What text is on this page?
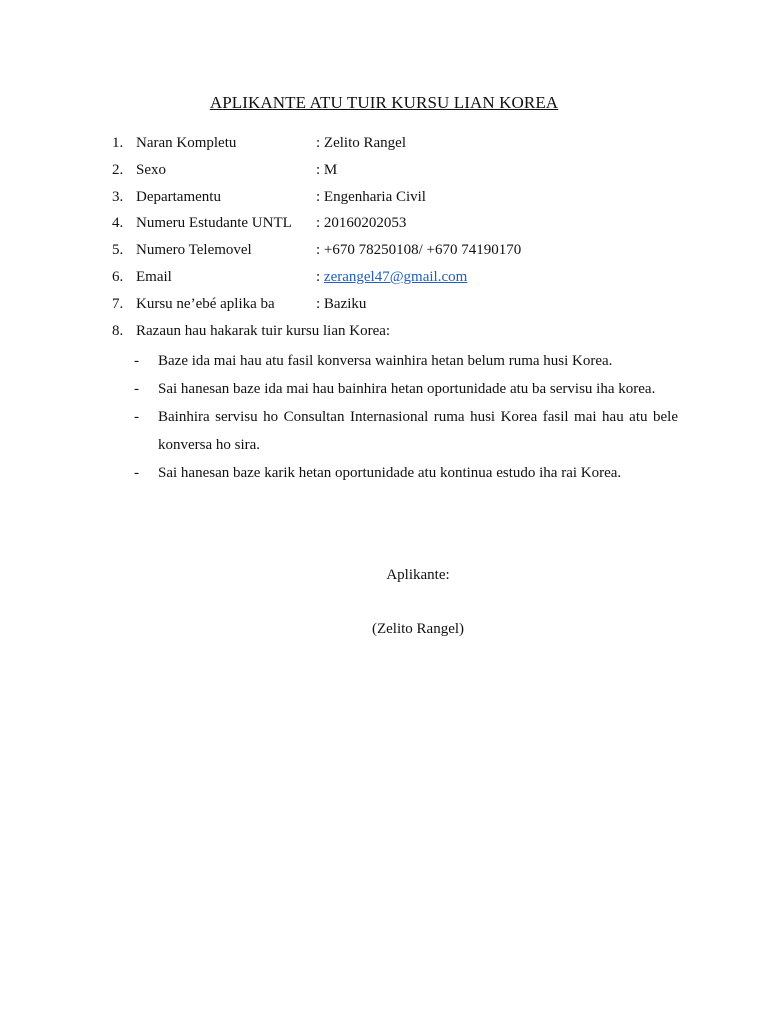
APLIKANTE ATU TUIR KURSU LIAN KOREA
1. Naran Kompletu	: Zelito Rangel
2. Sexo	: M
3. Departamentu	: Engenharia Civil
4. Numeru Estudante UNTL : 20160202053
5. Numero Telemovel	: +670 78250108/ +670 74190170
6. Email	: zerangel47@gmail.com
7. Kursu ne’ebé aplika ba	: Baziku
8. Razaun hau hakarak tuir kursu lian Korea:
- Baze ida mai hau atu fasil konversa wainhira hetan belum ruma husi Korea.
- Sai hanesan baze ida mai hau bainhira hetan oportunidade atu ba servisu iha korea.
- Bainhira servisu ho Consultan Internasional ruma husi Korea fasil mai hau atu bele konversa ho sira.
- Sai hanesan baze karik hetan oportunidade atu kontinua estudo iha rai Korea.
Aplikante:
(Zelito Rangel)
